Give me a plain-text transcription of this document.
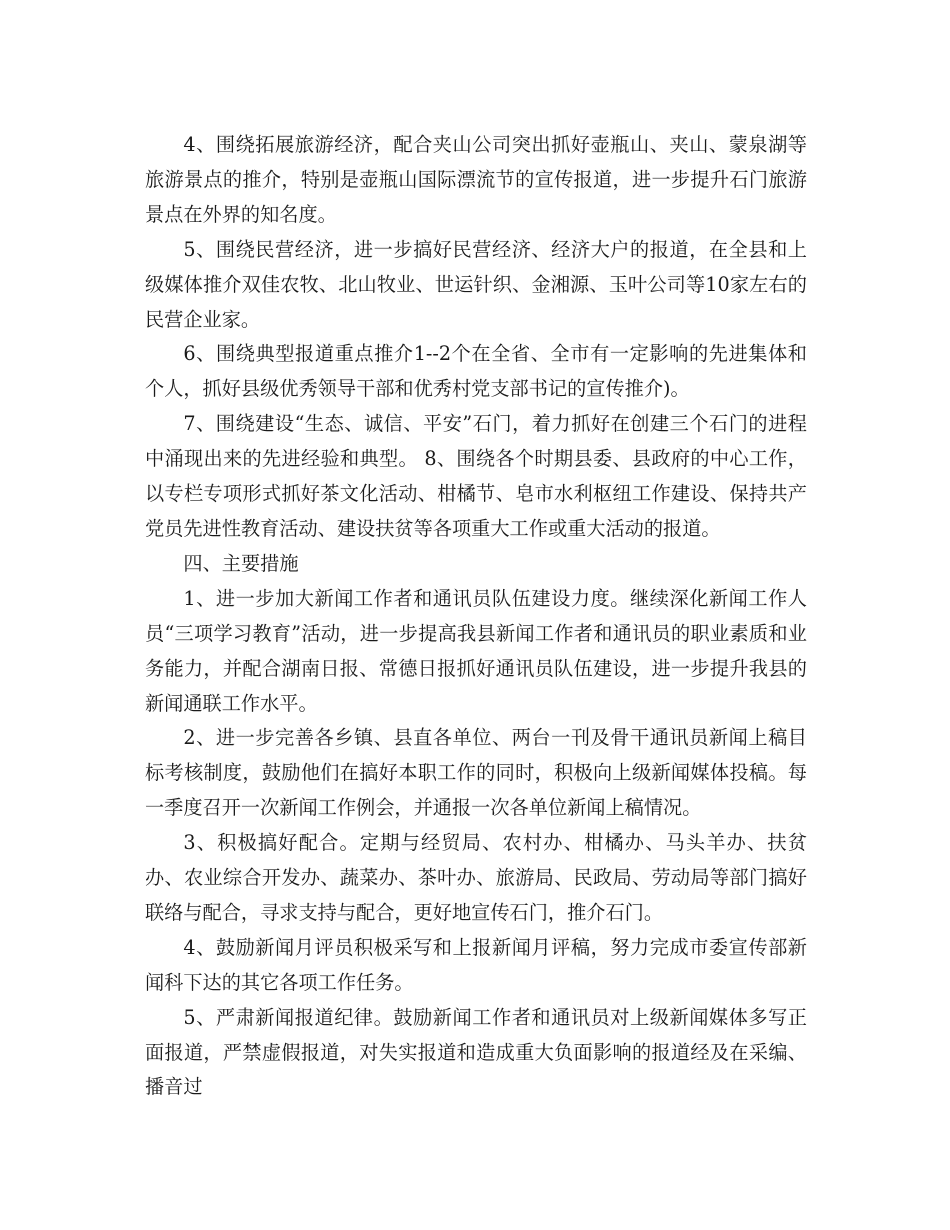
4、围绕拓展旅游经济，配合夹山公司突出抓好壶瓶山、夹山、蒙泉湖等旅游景点的推介，特别是壶瓶山国际漂流节的宣传报道，进一步提升石门旅游景点在外界的知名度。

5、围绕民营经济，进一步搞好民营经济、经济大户的报道，在全县和上级媒体推介双佳农牧、北山牧业、世运针织、金湘源、玉叶公司等10家左右的民营企业家。

6、围绕典型报道重点推介1--2个在全省、全市有一定影响的先进集体和个人，抓好县级优秀领导干部和优秀村党支部书记的宣传推介)。

7、围绕建设“生态、诚信、平安”石门，着力抓好在创建三个石门的进程中涌现出来的先进经验和典型。 8、围绕各个时期县委、县政府的中心工作，以专栏专项形式抓好茶文化活动、柑橘节、皂市水利枢纽工作建设、保持共产党员先进性教育活动、建设扶贫等各项重大工作或重大活动的报道。

四、主要措施

1、进一步加大新闻工作者和通讯员队伍建设力度。继续深化新闻工作人员“三项学习教育”活动，进一步提高我县新闻工作者和通讯员的职业素质和业务能力，并配合湖南日报、常德日报抓好通讯员队伍建设，进一步提升我县的新闻通联工作水平。

2、进一步完善各乡镇、县直各单位、两台一刊及骨干通讯员新闻上稿目标考核制度，鼓励他们在搞好本职工作的同时，积极向上级新闻媒体投稿。每一季度召开一次新闻工作例会，并通报一次各单位新闻上稿情况。

3、积极搞好配合。定期与经贸局、农村办、柑橘办、马头羊办、扶贫办、农业综合开发办、蔬菜办、茶叶办、旅游局、民政局、劳动局等部门搞好联络与配合，寻求支持与配合，更好地宣传石门，推介石门。

4、鼓励新闻月评员积极采写和上报新闻月评稿，努力完成市委宣传部新闻科下达的其它各项工作任务。

5、严肃新闻报道纪律。鼓励新闻工作者和通讯员对上级新闻媒体多写正面报道，严禁虚假报道，对失实报道和造成重大负面影响的报道经及在采编、播音过
